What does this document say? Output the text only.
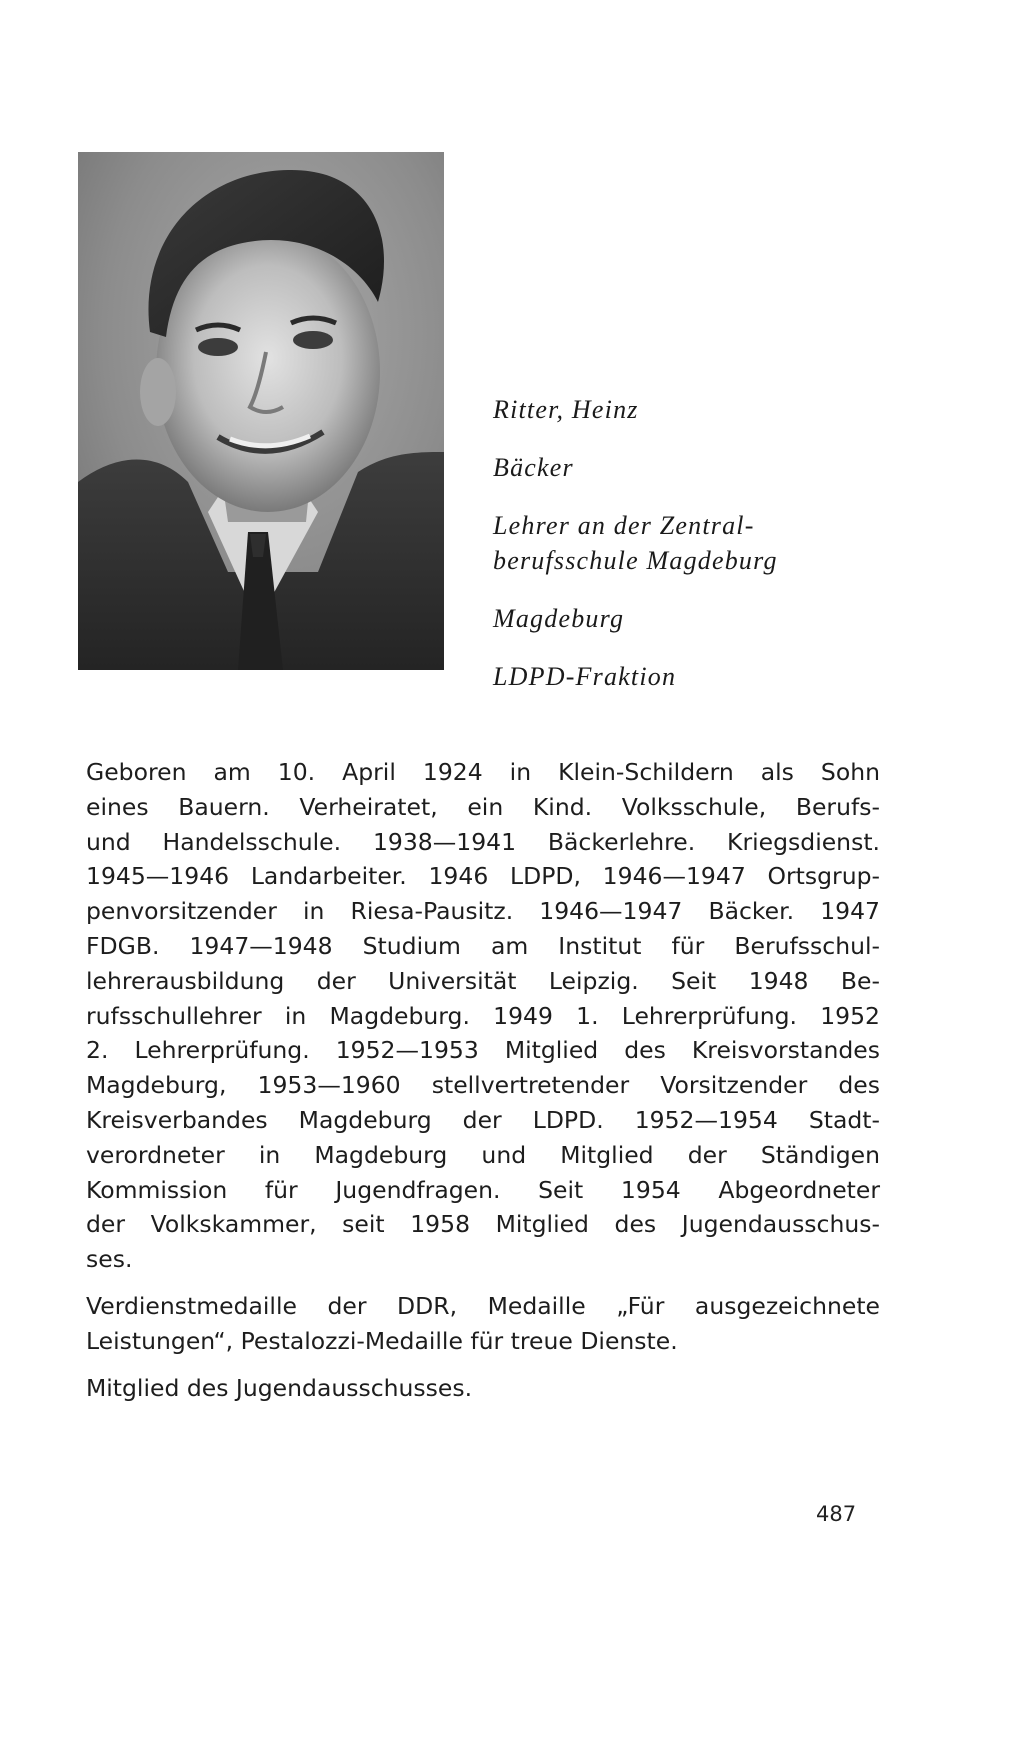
Ritter, Heinz
Bäcker
Lehrer an der Zentral-
berufsschule Magdeburg
Magdeburg
LDPD-Fraktion
Geboren am 10. April 1924 in Klein-Schildern als Sohn
eines Bauern. Verheiratet, ein Kind. Volksschule, Berufs-
und Handelsschule. 1938—1941 Bäckerlehre. Kriegsdienst.
1945—1946 Landarbeiter. 1946 LDPD, 1946—1947 Ortsgrup-
penvorsitzender in Riesa-Pausitz. 1946—1947 Bäcker. 1947
FDGB. 1947—1948 Studium am Institut für Berufsschul-
lehrerausbildung der Universität Leipzig. Seit 1948 Be-
rufsschullehrer in Magdeburg. 1949 1. Lehrerprüfung. 1952
2. Lehrerprüfung. 1952—1953 Mitglied des Kreisvorstandes
Magdeburg, 1953—1960 stellvertretender Vorsitzender des
Kreisverbandes Magdeburg der LDPD. 1952—1954 Stadt-
verordneter in Magdeburg und Mitglied der Ständigen
Kommission für Jugendfragen. Seit 1954 Abgeordneter
der Volkskammer, seit 1958 Mitglied des Jugendausschus-
ses.
Verdienstmedaille der DDR, Medaille „Für ausgezeichnete
Leistungen“, Pestalozzi-Medaille für treue Dienste.
Mitglied des Jugendausschusses.
487
